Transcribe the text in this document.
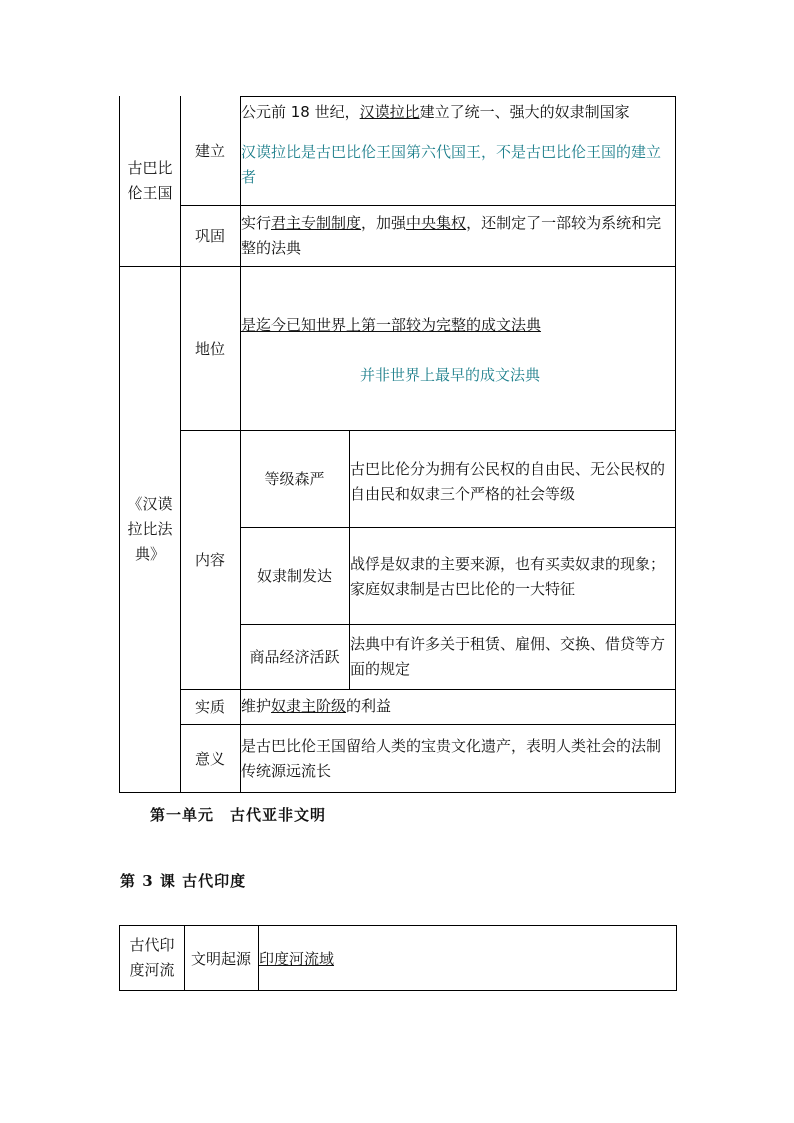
古巴比伦王国
建立
公元前 18 世纪，汉谟拉比建立了统一、强大的奴隶制国家
汉谟拉比是古巴比伦王国第六代国王，不是古巴比伦王国的建立者
巩固
实行君主专制制度，加强中央集权，还制定了一部较为系统和完整的法典
《汉谟拉比法典》
地位
是迄今已知世界上第一部较为完整的成文法典
并非世界上最早的成文法典
内容
等级森严
古巴比伦分为拥有公民权的自由民、无公民权的自由民和奴隶三个严格的社会等级
奴隶制发达
战俘是奴隶的主要来源，也有买卖奴隶的现象；家庭奴隶制是古巴比伦的一大特征
商品经济活跃
法典中有许多关于租赁、雇佣、交换、借贷等方面的规定
实质 维护奴隶主阶级的利益
意义
是古巴比伦王国留给人类的宝贵文化遗产，表明人类社会的法制传统源远流长
第一单元　古代亚非文明
第 3 课 古代印度
古代印度河流
文明起源 印度河流域
